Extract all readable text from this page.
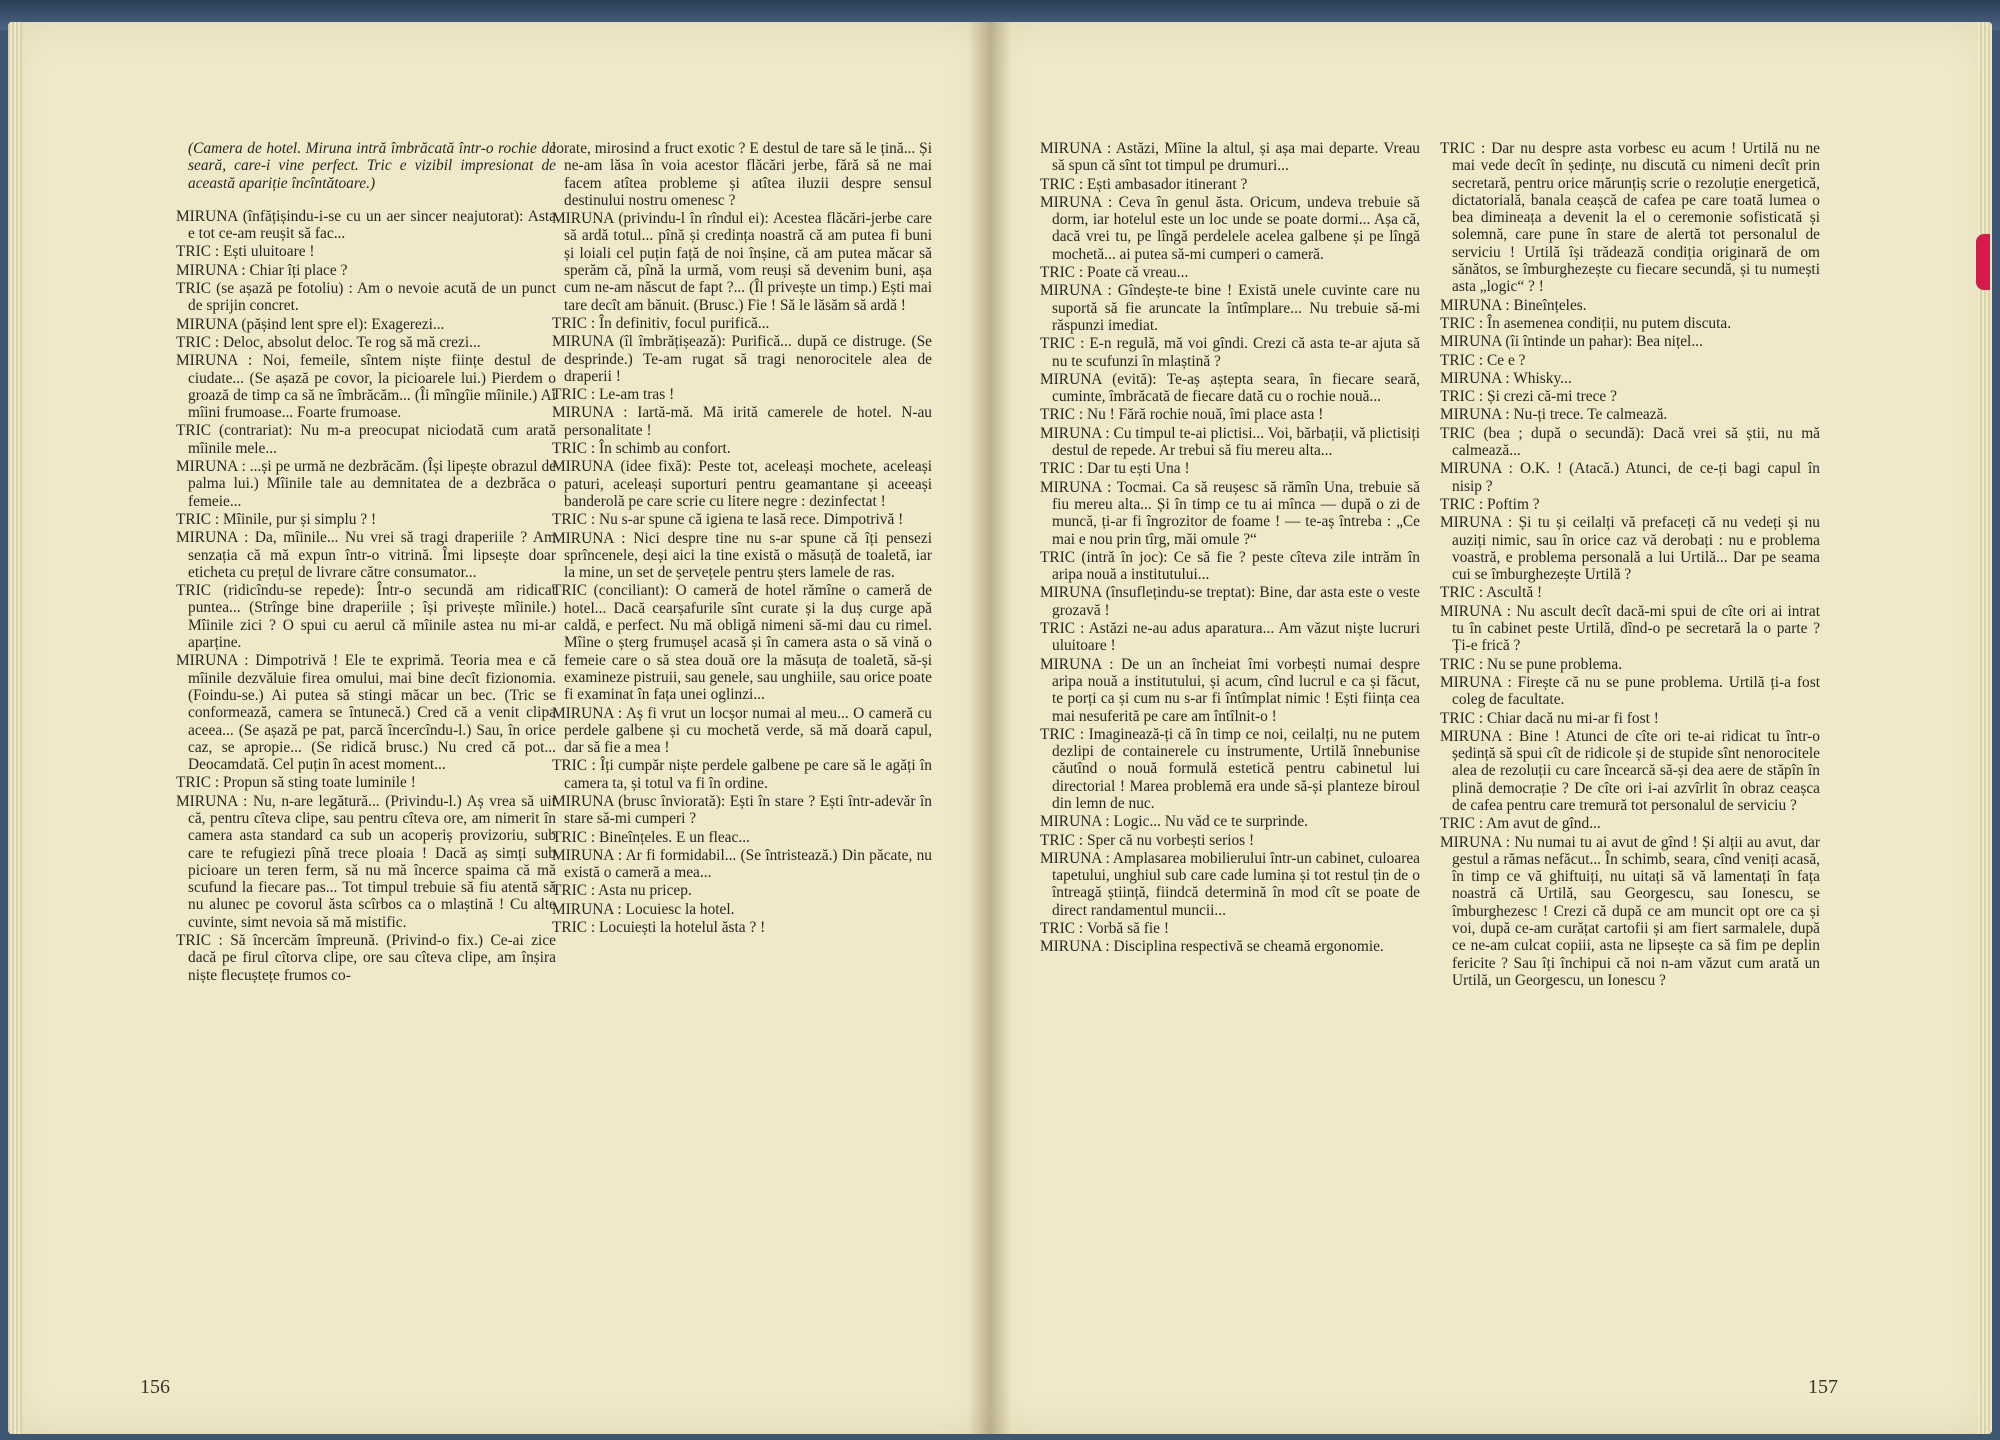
(Camera de hotel. Miruna intră îmbrăcată într-o rochie de seară, care-i vine perfect. Tric e vizibil impresionat de această apariție încîntătoare.)

MIRUNA (înfățișindu-i-se cu un aer sincer neajutorat): Asta e tot ce-am reușit să fac...

TRIC : Ești uluitoare !

MIRUNA : Chiar îți place ?

TRIC (se așază pe fotoliu) : Am o nevoie acută de un punct de sprijin concret.

MIRUNA (pășind lent spre el): Exagerezi...

TRIC : Deloc, absolut deloc. Te rog să mă crezi...

MIRUNA : Noi, femeile, sîntem niște ființe destul de ciudate... (Se așază pe covor, la picioarele lui.) Pierdem o groază de timp ca să ne îmbrăcăm... (Îi mîngîie mîinile.) Ai mîini frumoase... Foarte frumoase.

TRIC (contrariat): Nu m-a preocupat niciodată cum arată mîinile mele...

MIRUNA : ...și pe urmă ne dezbrăcăm. (Își lipește obrazul de palma lui.) Mîinile tale au demnitatea de a dezbrăca o femeie...

TRIC : Mîinile, pur și simplu ? !

MIRUNA : Da, mîinile... Nu vrei să tragi draperiile ? Am senzația că mă expun într-o vitrină. Îmi lipsește doar eticheta cu prețul de livrare către consumator...

TRIC (ridicîndu-se repede): Într-o secundă am ridicat puntea... (Strînge bine draperiile ; își privește mîinile.) Mîinile zici ? O spui cu aerul că mîinile astea nu mi-ar aparține.

MIRUNA : Dimpotrivă ! Ele te exprimă. Teoria mea e că mîinile dezvăluie firea omului, mai bine decît fizionomia. (Foindu-se.) Ai putea să stingi măcar un bec. (Tric se conformează, camera se întunecă.) Cred că a venit clipa aceea... (Se așază pe pat, parcă încercîndu-l.) Sau, în orice caz, se apropie... (Se ridică brusc.) Nu cred că pot... Deocamdată. Cel puțin în acest moment...

TRIC : Propun să sting toate luminile !

MIRUNA : Nu, n-are legătură... (Privindu-l.) Aș vrea să uit că, pentru cîteva clipe, sau pentru cîteva ore, am nimerit în camera asta standard ca sub un acoperiș provizoriu, sub care te refugiezi pînă trece ploaia ! Dacă aș simți sub picioare un teren ferm, să nu mă încerce spaima că mă scufund la fiecare pas... Tot timpul trebuie să fiu atentă să nu alunec pe covorul ăsta scîrbos ca o mlaștină ! Cu alte cuvinte, simt nevoia să mă mistific.

TRIC : Să încercăm împreună. (Privind-o fix.) Ce-ai zice dacă pe firul cîtorva clipe, ore sau cîteva clipe, am înșira niște flecuștețe frumos co-

lorate, mirosind a fruct exotic ? E destul de tare să le țină... Și ne-am lăsa în voia acestor flăcări jerbe, fără să ne mai facem atîtea probleme și atîtea iluzii despre sensul destinului nostru omenesc ?

MIRUNA (privindu-l în rîndul ei): Acestea flăcări-jerbe care să ardă totul... pînă și credința noastră că am putea fi buni și loiali cel puțin față de noi înșine, că am putea măcar să sperăm că, pînă la urmă, vom reuși să devenim buni, așa cum ne-am născut de fapt ?... (Îl privește un timp.) Ești mai tare decît am bănuit. (Brusc.) Fie ! Să le lăsăm să ardă !

TRIC : În definitiv, focul purifică...

MIRUNA (îl îmbrățișează): Purifică... după ce distruge. (Se desprinde.) Te-am rugat să tragi nenorocitele alea de draperii !

TRIC : Le-am tras !

MIRUNA : Iartă-mă. Mă irită camerele de hotel. N-au personalitate !

TRIC : În schimb au confort.

MIRUNA (idee fixă): Peste tot, aceleași mochete, aceleași paturi, aceleași suporturi pentru geamantane și aceeași banderolă pe care scrie cu litere negre : dezinfectat !

TRIC : Nu s-ar spune că igiena te lasă rece. Dimpotrivă !

MIRUNA : Nici despre tine nu s-ar spune că îți pensezi sprîncenele, deși aici la tine există o măsuță de toaletă, iar la mine, un set de șervețele pentru șters lamele de ras.

TRIC (conciliant): O cameră de hotel rămîne o cameră de hotel... Dacă cearșafurile sînt curate și la duș curge apă caldă, e perfect. Nu mă obligă nimeni să-mi dau cu rimel. Mîine o șterg frumușel acasă și în camera asta o să vină o femeie care o să stea două ore la măsuța de toaletă, să-și examineze pistruii, sau genele, sau unghiile, sau orice poate fi examinat în fața unei oglinzi...

MIRUNA : Aș fi vrut un locșor numai al meu... O cameră cu perdele galbene și cu mochetă verde, să mă doară capul, dar să fie a mea !

TRIC : Îți cumpăr niște perdele galbene pe care să le agăți în camera ta, și totul va fi în ordine.

MIRUNA (brusc înviorată): Ești în stare ? Ești într-adevăr în stare să-mi cumperi ?

TRIC : Bineînțeles. E un fleac...

MIRUNA : Ar fi formidabil... (Se întristează.) Din păcate, nu există o cameră a mea...

TRIC : Asta nu pricep.

MIRUNA : Locuiesc la hotel.

TRIC : Locuiești la hotelul ăsta ? !

156

MIRUNA : Astăzi, Mîine la altul, și așa mai departe. Vreau să spun că sînt tot timpul pe drumuri...

TRIC : Ești ambasador itinerant ?

MIRUNA : Ceva în genul ăsta. Oricum, undeva trebuie să dorm, iar hotelul este un loc unde se poate dormi... Așa că, dacă vrei tu, pe lîngă perdelele acelea galbene și pe lîngă mochetă... ai putea să-mi cumperi o cameră.

TRIC : Poate că vreau...

MIRUNA : Gîndește-te bine ! Există unele cuvinte care nu suportă să fie aruncate la întîmplare... Nu trebuie să-mi răspunzi imediat.

TRIC : E-n regulă, mă voi gîndi. Crezi că asta te-ar ajuta să nu te scufunzi în mlaștină ?

MIRUNA (evită): Te-aș aștepta seara, în fiecare seară, cuminte, îmbrăcată de fiecare dată cu o rochie nouă...

TRIC : Nu ! Fără rochie nouă, îmi place asta !

MIRUNA : Cu timpul te-ai plictisi... Voi, bărbații, vă plictisiți destul de repede. Ar trebui să fiu mereu alta...

TRIC : Dar tu ești Una !

MIRUNA : Tocmai. Ca să reușesc să rămîn Una, trebuie să fiu mereu alta... Și în timp ce tu ai mînca — după o zi de muncă, ți-ar fi îngrozitor de foame ! — te-aș întreba : „Ce mai e nou prin tîrg, măi omule ?“

TRIC (intră în joc): Ce să fie ? peste cîteva zile intrăm în aripa nouă a institutului...

MIRUNA (însuflețindu-se treptat): Bine, dar asta este o veste grozavă !

TRIC : Astăzi ne-au adus aparatura... Am văzut niște lucruri uluitoare !

MIRUNA : De un an încheiat îmi vorbești numai despre aripa nouă a institutului, și acum, cînd lucrul e ca și făcut, te porți ca și cum nu s-ar fi întîmplat nimic ! Ești ființa cea mai nesuferită pe care am întîlnit-o !

TRIC : Imaginează-ți că în timp ce noi, ceilalți, nu ne putem dezlipi de containerele cu instrumente, Urtilă înnebunise căutînd o nouă formulă estetică pentru cabinetul lui directorial ! Marea problemă era unde să-și planteze biroul din lemn de nuc.

MIRUNA : Logic... Nu văd ce te surprinde.

TRIC : Sper că nu vorbești serios !

MIRUNA : Amplasarea mobilierului într-un cabinet, culoarea tapetului, unghiul sub care cade lumina și tot restul țin de o întreagă știință, fiindcă determină în mod cît se poate de direct randamentul muncii...

TRIC : Vorbă să fie !

MIRUNA : Disciplina respectivă se cheamă ergonomie.

TRIC : Dar nu despre asta vorbesc eu acum ! Urtilă nu ne mai vede decît în ședințe, nu discută cu nimeni decît prin secretară, pentru orice mărunțiș scrie o rezoluție energetică, dictatorială, banala ceașcă de cafea pe care toată lumea o bea dimineața a devenit la el o ceremonie sofisticată și solemnă, care pune în stare de alertă tot personalul de serviciu ! Urtilă își trădează condiția originară de om sănătos, se îmburghezește cu fiecare secundă, și tu numești asta „logic“ ? !

MIRUNA : Bineînțeles.

TRIC : În asemenea condiții, nu putem discuta.

MIRUNA (îi întinde un pahar): Bea nițel...

TRIC : Ce e ?

MIRUNA : Whisky...

TRIC : Și crezi că-mi trece ?

MIRUNA : Nu-ți trece. Te calmează.

TRIC (bea ; după o secundă): Dacă vrei să știi, nu mă calmează...

MIRUNA : O.K. ! (Atacă.) Atunci, de ce-ți bagi capul în nisip ?

TRIC : Poftim ?

MIRUNA : Și tu și ceilalți vă prefaceți că nu vedeți și nu auziți nimic, sau în orice caz vă derobați : nu e problema voastră, e problema personală a lui Urtilă... Dar pe seama cui se îmburghezește Urtilă ?

TRIC : Ascultă !

MIRUNA : Nu ascult decît dacă-mi spui de cîte ori ai intrat tu în cabinet peste Urtilă, dînd-o pe secretară la o parte ? Ți-e frică ?

TRIC : Nu se pune problema.

MIRUNA : Firește că nu se pune problema. Urtilă ți-a fost coleg de facultate.

TRIC : Chiar dacă nu mi-ar fi fost !

MIRUNA : Bine ! Atunci de cîte ori te-ai ridicat tu într-o ședință să spui cît de ridicole și de stupide sînt nenorocitele alea de rezoluții cu care încearcă să-și dea aere de stăpîn în plină democrație ? De cîte ori i-ai azvîrlit în obraz ceașca de cafea pentru care tremură tot personalul de serviciu ?

TRIC : Am avut de gînd...

MIRUNA : Nu numai tu ai avut de gînd ! Și alții au avut, dar gestul a rămas nefăcut... În schimb, seara, cînd veniți acasă, în timp ce vă ghiftuiți, nu uitați să vă lamentați în fața noastră că Urtilă, sau Georgescu, sau Ionescu, se îmburghezesc ! Crezi că după ce am muncit opt ore ca și voi, după ce-am curățat cartofii și am fiert sarmalele, după ce ne-am culcat copiii, asta ne lipsește ca să fim pe deplin fericite ? Sau îți închipui că noi n-am văzut cum arată un Urtilă, un Georgescu, un Ionescu ?

157
